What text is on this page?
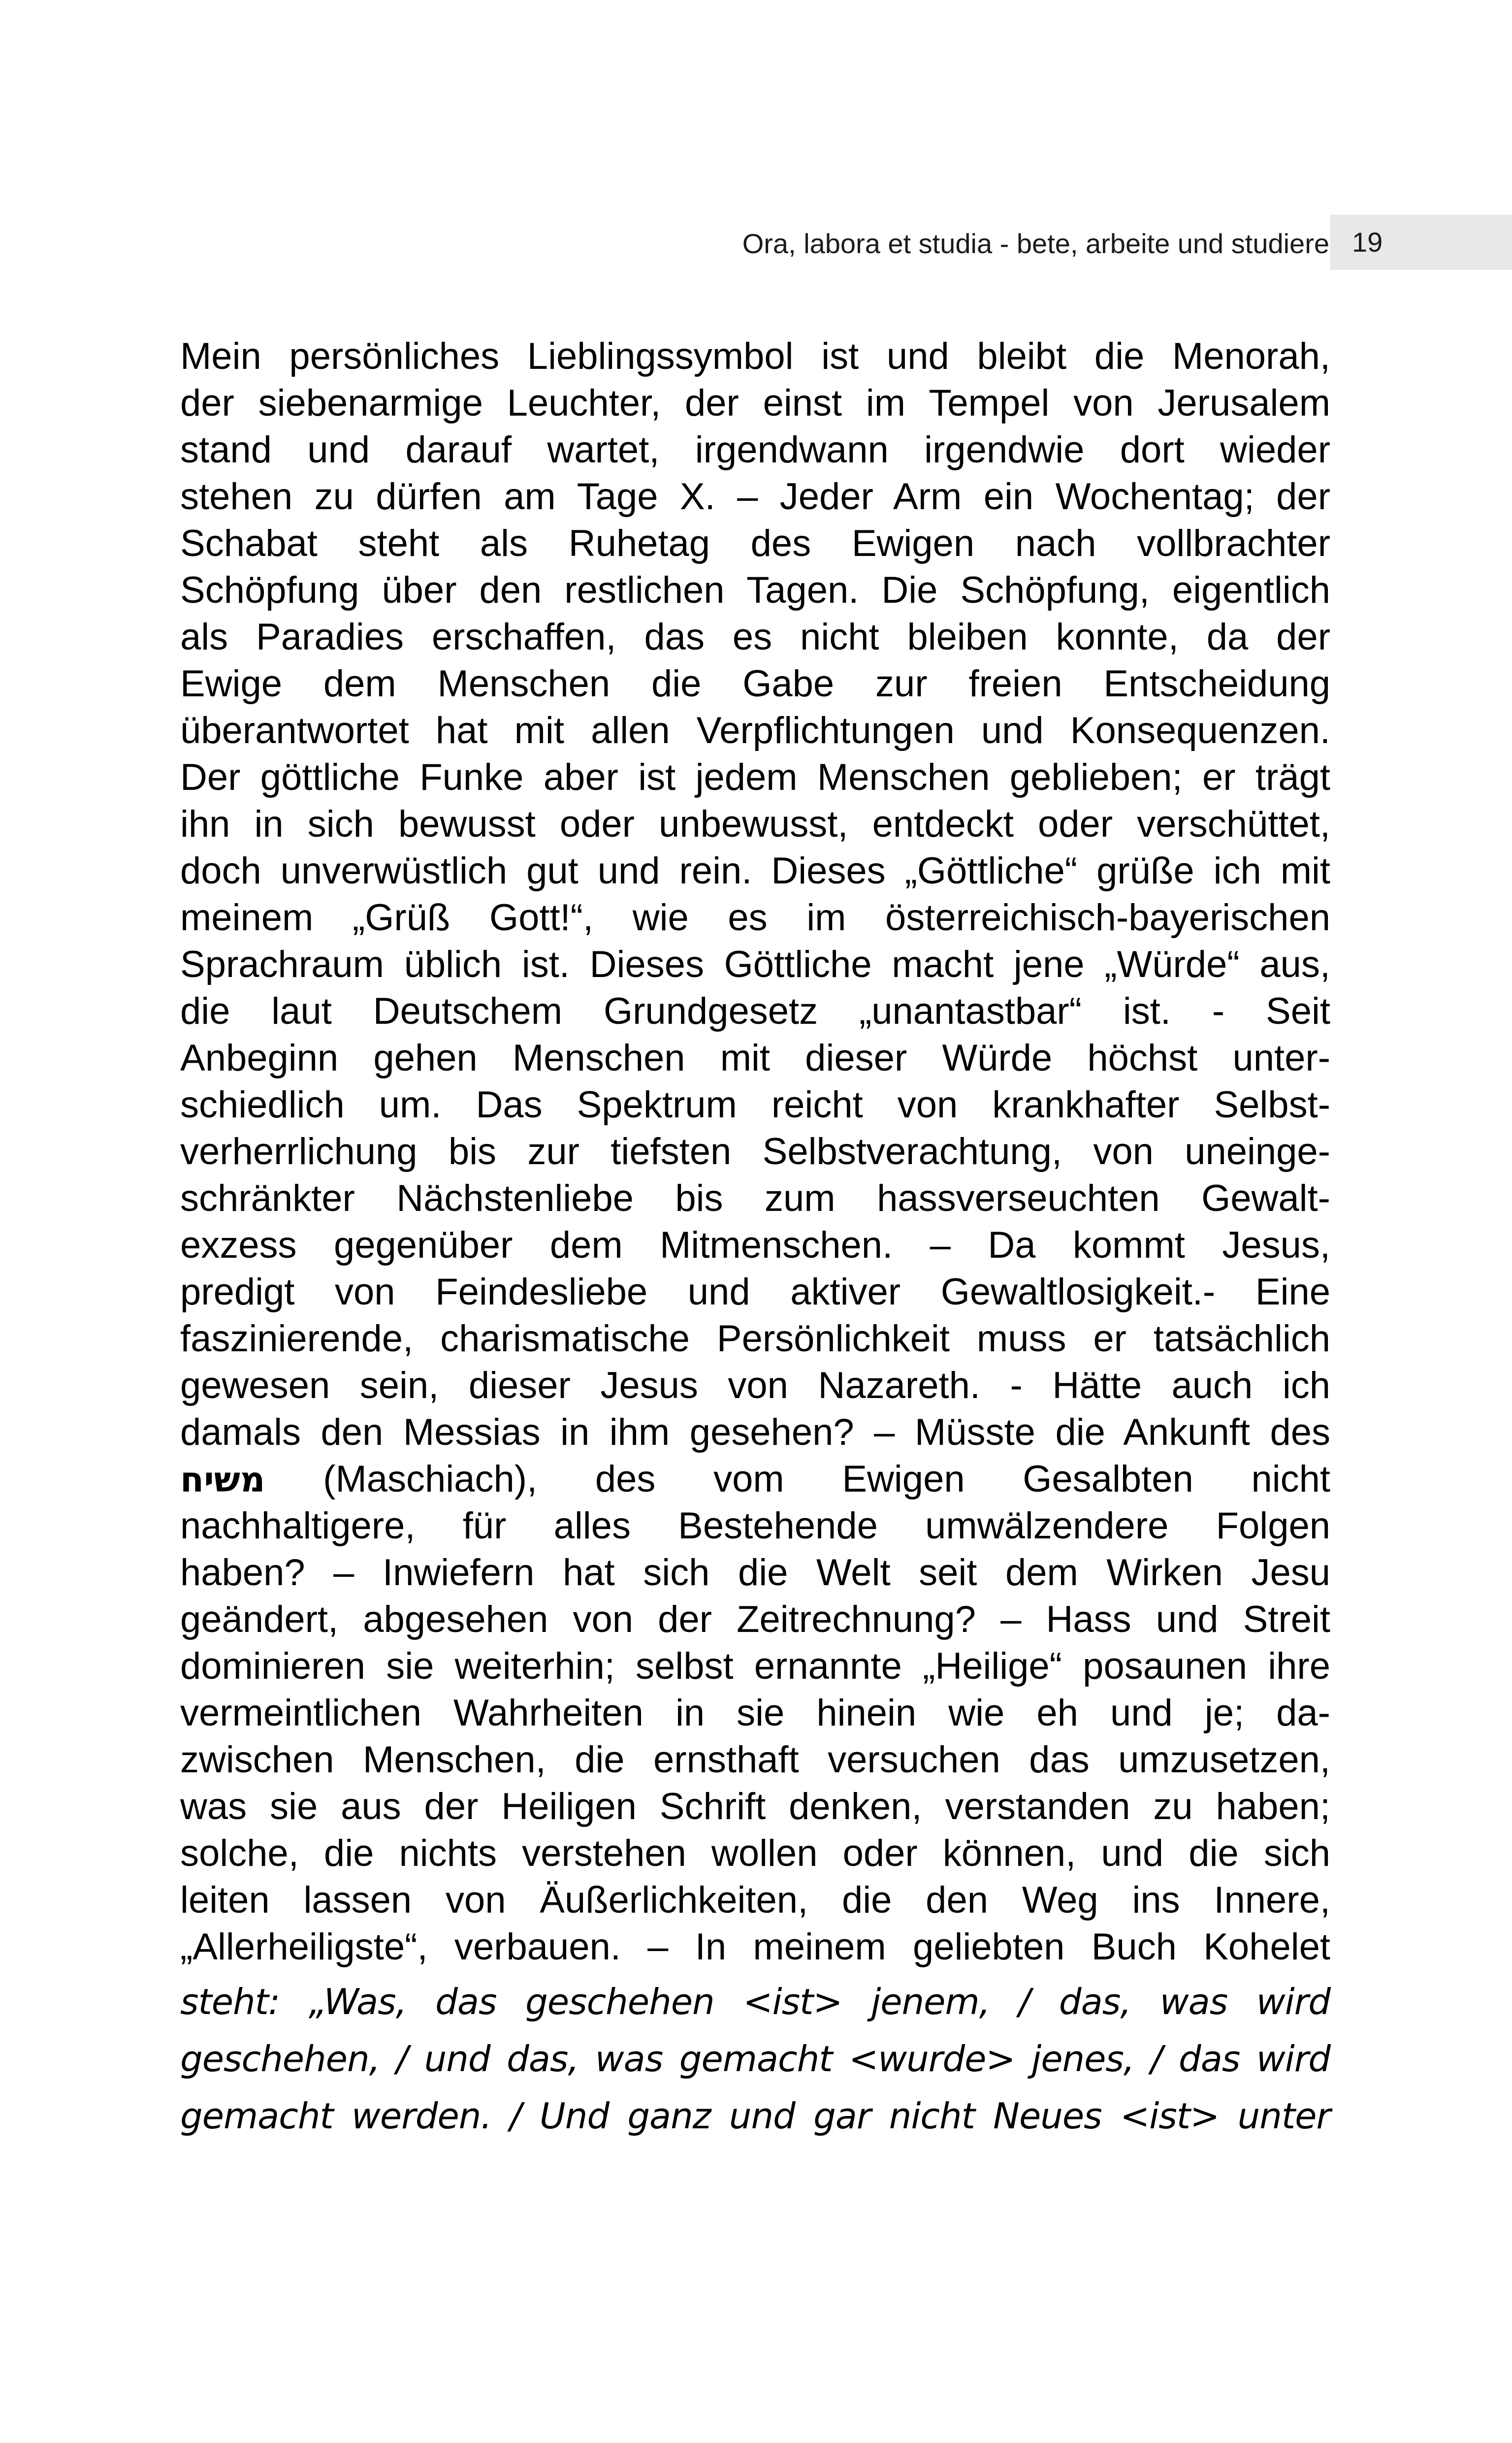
Ora, labora et studia - bete, arbeite und studiere 19
Mein persönliches Lieblingssymbol ist und bleibt die Menorah,
der siebenarmige Leuchter, der einst im Tempel von Jerusalem
stand und darauf wartet, irgendwann irgendwie dort wieder
stehen zu dürfen am Tage X. – Jeder Arm ein Wochentag; der
Schabat steht als Ruhetag des Ewigen nach vollbrachter
Schöpfung über den restlichen Tagen. Die Schöpfung, eigentlich
als Paradies erschaffen, das es nicht bleiben konnte, da der
Ewige dem Menschen die Gabe zur freien Entscheidung
überantwortet hat mit allen Verpflichtungen und Konsequenzen.
Der göttliche Funke aber ist jedem Menschen geblieben; er trägt
ihn in sich bewusst oder unbewusst, entdeckt oder verschüttet,
doch unverwüstlich gut und rein. Dieses „Göttliche“ grüße ich mit
meinem „Grüß Gott!“, wie es im österreichisch-bayerischen
Sprachraum üblich ist. Dieses Göttliche macht jene „Würde“ aus,
die laut Deutschem Grundgesetz „unantastbar“ ist. - Seit
Anbeginn gehen Menschen mit dieser Würde höchst unter-
schiedlich um. Das Spektrum reicht von krankhafter Selbst-
verherrlichung bis zur tiefsten Selbstverachtung, von uneinge-
schränkter Nächstenliebe bis zum hassverseuchten Gewalt-
exzess gegenüber dem Mitmenschen. – Da kommt Jesus,
predigt von Feindesliebe und aktiver Gewaltlosigkeit.- Eine
faszinierende, charismatische Persönlichkeit muss er tatsächlich
gewesen sein, dieser Jesus von Nazareth. - Hätte auch ich
damals den Messias in ihm gesehen? – Müsste die Ankunft des
משיח (Maschiach), des vom Ewigen Gesalbten nicht
nachhaltigere, für alles Bestehende umwälzendere Folgen
haben? – Inwiefern hat sich die Welt seit dem Wirken Jesu
geändert, abgesehen von der Zeitrechnung? – Hass und Streit
dominieren sie weiterhin; selbst ernannte „Heilige“ posaunen ihre
vermeintlichen Wahrheiten in sie hinein wie eh und je; da-
zwischen Menschen, die ernsthaft versuchen das umzusetzen,
was sie aus der Heiligen Schrift denken, verstanden zu haben;
solche, die nichts verstehen wollen oder können, und die sich
leiten lassen von Äußerlichkeiten, die den Weg ins Innere,
„Allerheiligste“, verbauen. – In meinem geliebten Buch Kohelet
steht: „Was, das geschehen <ist> jenem, / das, was wird
geschehen, / und das, was gemacht <wurde> jenes, / das wird
gemacht werden. / Und ganz und gar nicht Neues <ist> unter
